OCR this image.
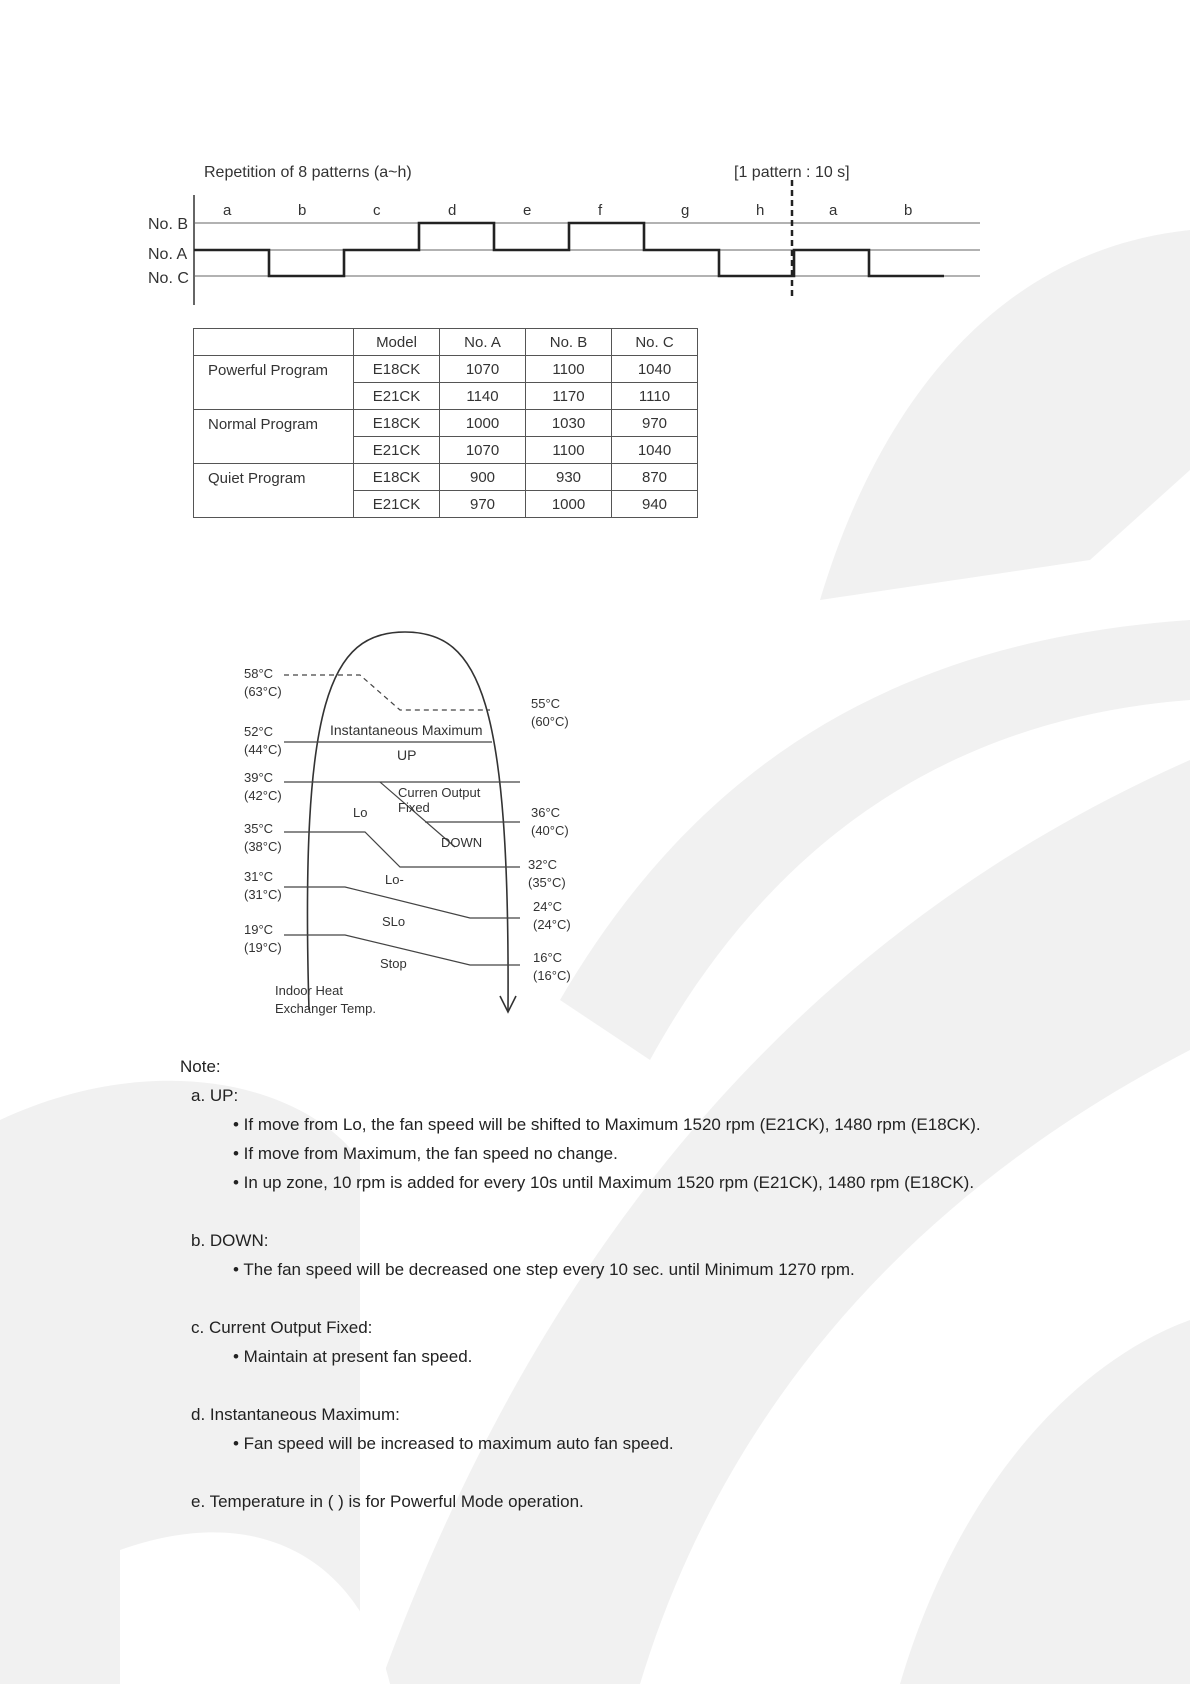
Repetition of 8 patterns (a~h)	[1 pattern : 10 s]
a	b	c	d	e	f	g	h	a	b
No. B
No. A
No. C
	Model	No. A	No. B	No. C
Powerful Program	E18CK	1070	1100	1040
	E21CK	1140	1170	1110
Normal Program	E18CK	1000	1030	970
	E21CK	1070	1100	1040
Quiet Program	E18CK	900	930	870
	E21CK	970	1000	940
58°C
(63°C)
52°C
(44°C)
39°C
(42°C)
35°C
(38°C)
31°C
(31°C)
19°C
(19°C)
55°C
(60°C)
36°C
(40°C)
32°C
(35°C)
24°C
(24°C)
16°C
(16°C)
Instantaneous Maximum
UP
Curren Output
Fixed
Lo
DOWN
Lo-
SLo
Stop
Indoor Heat
Exchanger Temp.

Note:

a. UP:

• If move from Lo, the fan speed will be shifted to Maximum 1520 rpm (E21CK), 1480 rpm (E18CK).

• If move from Maximum, the fan speed no change.

• In up zone, 10 rpm is added for every 10s until Maximum 1520 rpm (E21CK), 1480 rpm (E18CK).

b. DOWN:

• The fan speed will be decreased one step every 10 sec. until Minimum 1270 rpm.

c. Current Output Fixed:

• Maintain at present fan speed.

d. Instantaneous Maximum:

• Fan speed will be increased to maximum auto fan speed.

e. Temperature in ( ) is for Powerful Mode operation.
